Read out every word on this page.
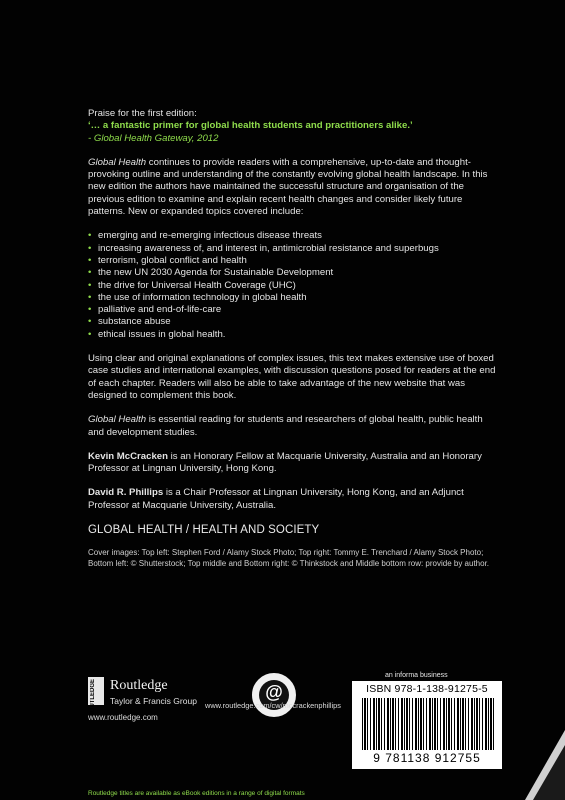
Praise for the first edition:

‘… a fantastic primer for global health students and practitioners alike.’

- Global Health Gateway, 2012

Global Health continues to provide readers with a comprehensive, up-to-date and thought-provoking outline and understanding of the constantly evolving global health landscape. In this new edition the authors have maintained the successful structure and organisation of the previous edition to examine and explain recent health changes and consider likely future patterns. New or expanded topics covered include:

• emerging and re-emerging infectious disease threats
• increasing awareness of, and interest in, antimicrobial resistance and superbugs
• terrorism, global conflict and health
• the new UN 2030 Agenda for Sustainable Development
• the drive for Universal Health Coverage (UHC)
• the use of information technology in global health
• palliative and end-of-life-care
• substance abuse
• ethical issues in global health.

Using clear and original explanations of complex issues, this text makes extensive use of boxed case studies and international examples, with discussion questions posed for readers at the end of each chapter. Readers will also be able to take advantage of the new website that was designed to complement this book.

Global Health is essential reading for students and researchers of global health, public health and development studies.

Kevin McCracken is an Honorary Fellow at Macquarie University, Australia and an Honorary Professor at Lingnan University, Hong Kong.

David R. Phillips is a Chair Professor at Lingnan University, Hong Kong, and an Adjunct Professor at Macquarie University, Australia.

GLOBAL HEALTH / HEALTH AND SOCIETY

Cover images: Top left: Stephen Ford / Alamy Stock Photo; Top right: Tommy E. Trenchard / Alamy Stock Photo; Bottom left: © Shutterstock; Top middle and Bottom right: © Thinkstock and Middle bottom row: provide by author.

ROUTLEDGE Routledge
Taylor & Francis Group
www.routledge.com
@
www.routledge.com/cw/mccrackenphillips
an informa business
ISBN 978-1-138-91275-5
9 781138 912755
Routledge titles are available as eBook editions in a range of digital formats
